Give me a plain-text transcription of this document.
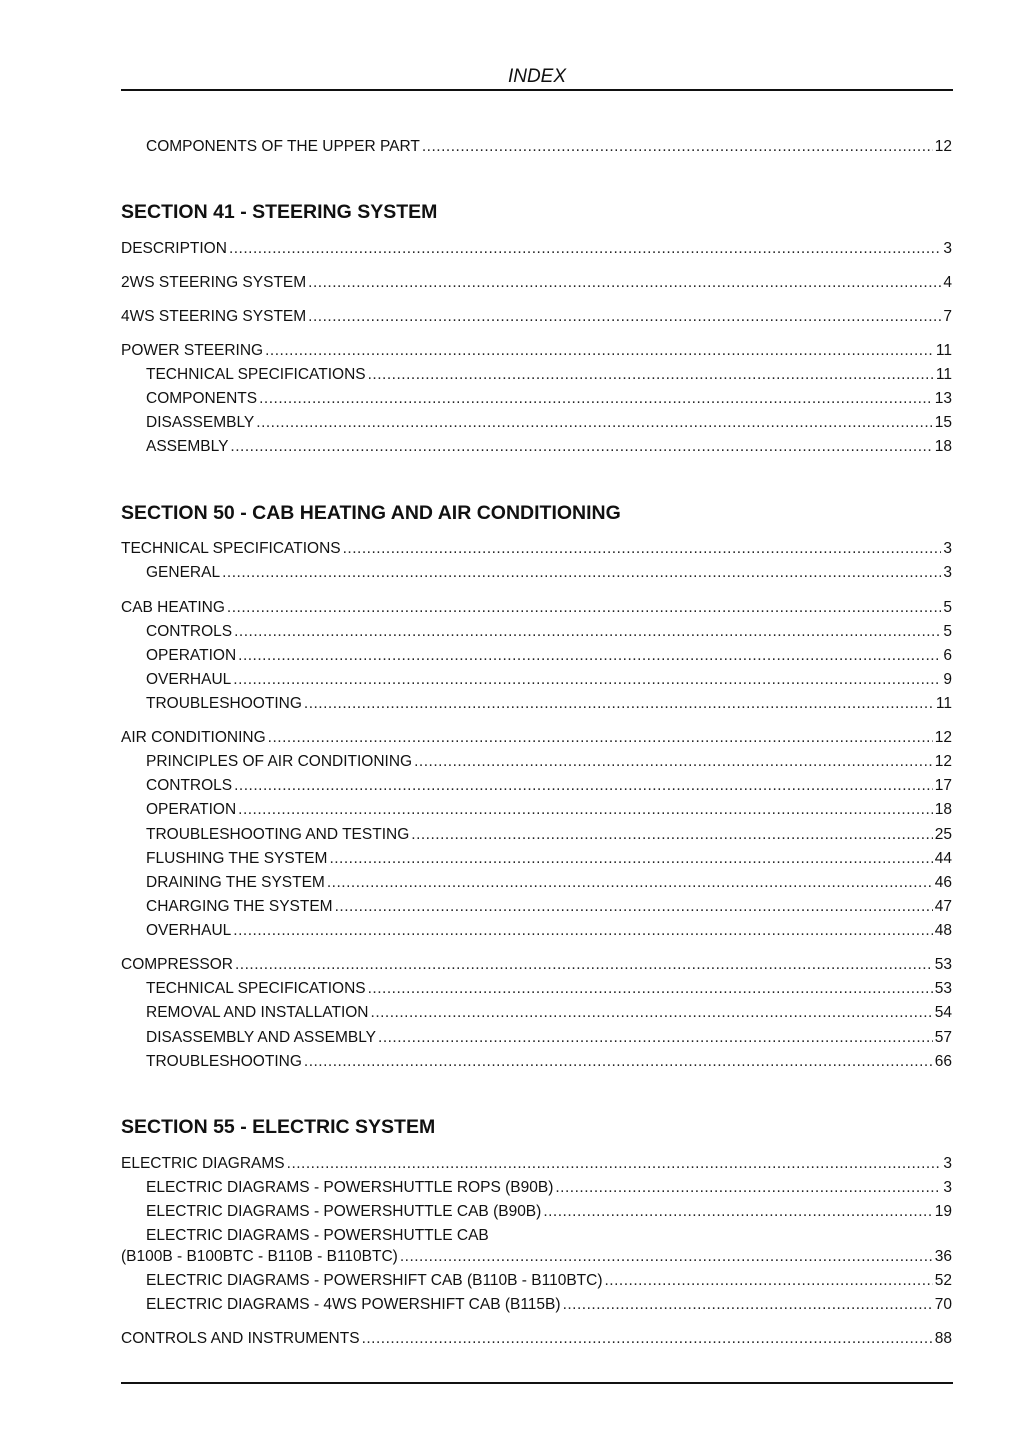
INDEX
COMPONENTS OF THE UPPER PART .....	12
SECTION 41 - STEERING SYSTEM
DESCRIPTION .....	3
2WS STEERING SYSTEM .....	4
4WS STEERING SYSTEM .....	7
POWER STEERING .....	11
TECHNICAL SPECIFICATIONS .....	11
COMPONENTS .....	13
DISASSEMBLY .....	15
ASSEMBLY .....	18
SECTION 50 - CAB HEATING AND AIR CONDITIONING
TECHNICAL SPECIFICATIONS .....	3
GENERAL .....	3
CAB HEATING .....	5
CONTROLS .....	5
OPERATION .....	6
OVERHAUL .....	9
TROUBLESHOOTING .....	11
AIR CONDITIONING .....	12
PRINCIPLES OF AIR CONDITIONING .....	12
CONTROLS .....	17
OPERATION .....	18
TROUBLESHOOTING AND TESTING .....	25
FLUSHING THE SYSTEM .....	44
DRAINING THE SYSTEM .....	46
CHARGING THE SYSTEM .....	47
OVERHAUL .....	48
COMPRESSOR .....	53
TECHNICAL SPECIFICATIONS .....	53
REMOVAL AND INSTALLATION .....	54
DISASSEMBLY AND ASSEMBLY .....	57
TROUBLESHOOTING .....	66
SECTION 55 - ELECTRIC SYSTEM
ELECTRIC DIAGRAMS .....	3
ELECTRIC DIAGRAMS - POWERSHUTTLE ROPS (B90B) .....	3
ELECTRIC DIAGRAMS - POWERSHUTTLE CAB (B90B) .....	19
ELECTRIC DIAGRAMS - POWERSHUTTLE CAB
(B100B - B100BTC - B110B - B110BTC) .....	36
ELECTRIC DIAGRAMS - POWERSHIFT CAB (B110B - B110BTC) .....	52
ELECTRIC DIAGRAMS - 4WS POWERSHIFT CAB (B115B) .....	70
CONTROLS AND INSTRUMENTS .....	88
